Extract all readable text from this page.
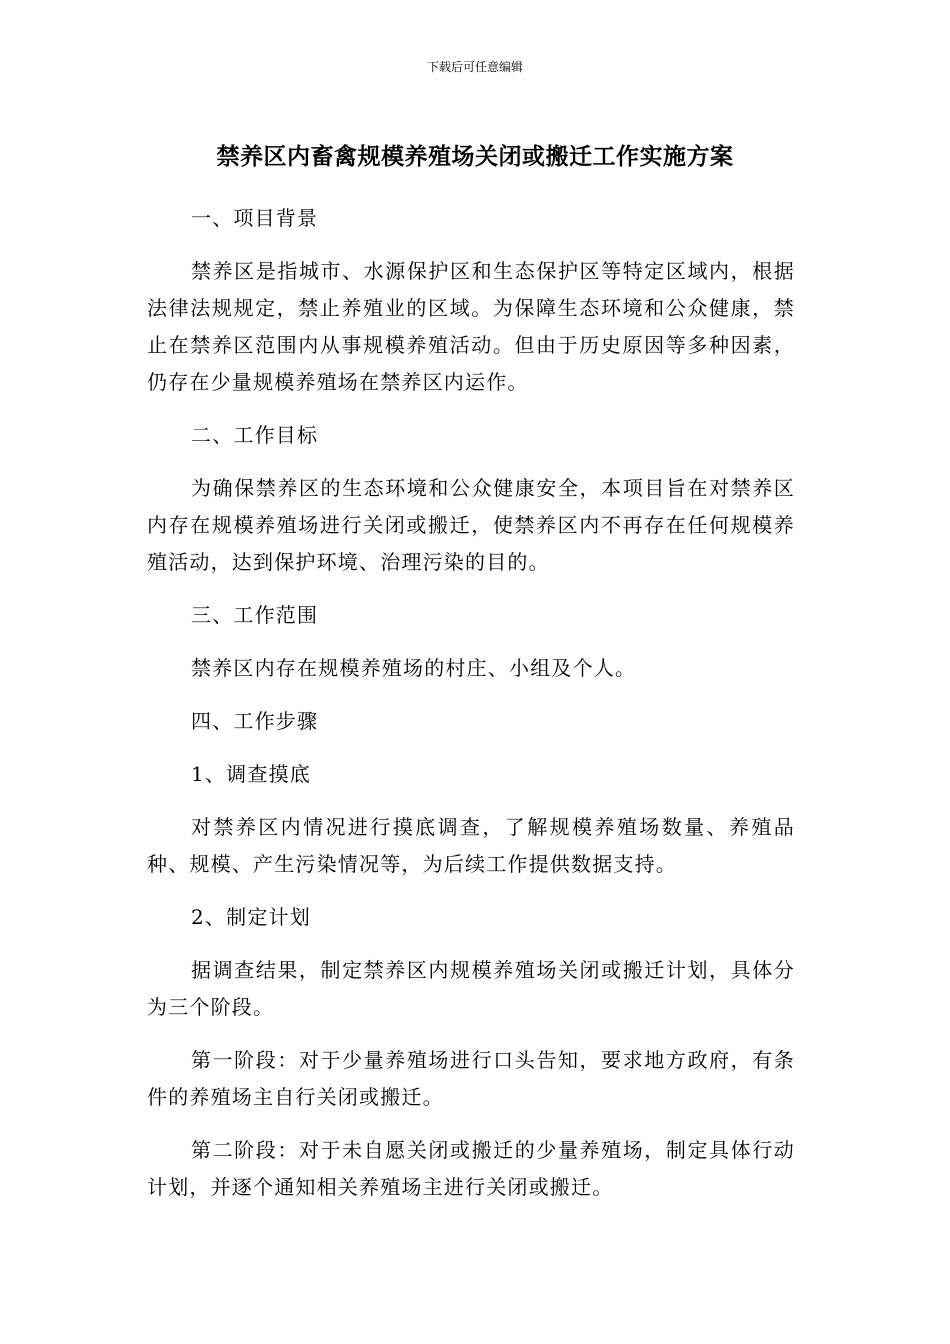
下载后可任意编辑
禁养区内畜禽规模养殖场关闭或搬迁工作实施方案

一、项目背景

禁养区是指城市、水源保护区和生态保护区等特定区域内，根据法律法规规定，禁止养殖业的区域。为保障生态环境和公众健康，禁止在禁养区范围内从事规模养殖活动。但由于历史原因等多种因素，仍存在少量规模养殖场在禁养区内运作。

二、工作目标

为确保禁养区的生态环境和公众健康安全，本项目旨在对禁养区内存在规模养殖场进行关闭或搬迁，使禁养区内不再存在任何规模养殖活动，达到保护环境、治理污染的目的。

三、工作范围

禁养区内存在规模养殖场的村庄、小组及个人。

四、工作步骤

1、调查摸底

对禁养区内情况进行摸底调查，了解规模养殖场数量、养殖品种、规模、产生污染情况等，为后续工作提供数据支持。

2、制定计划

据调查结果，制定禁养区内规模养殖场关闭或搬迁计划，具体分为三个阶段。

第一阶段：对于少量养殖场进行口头告知，要求地方政府，有条件的养殖场主自行关闭或搬迁。

第二阶段：对于未自愿关闭或搬迁的少量养殖场，制定具体行动计划，并逐个通知相关养殖场主进行关闭或搬迁。
